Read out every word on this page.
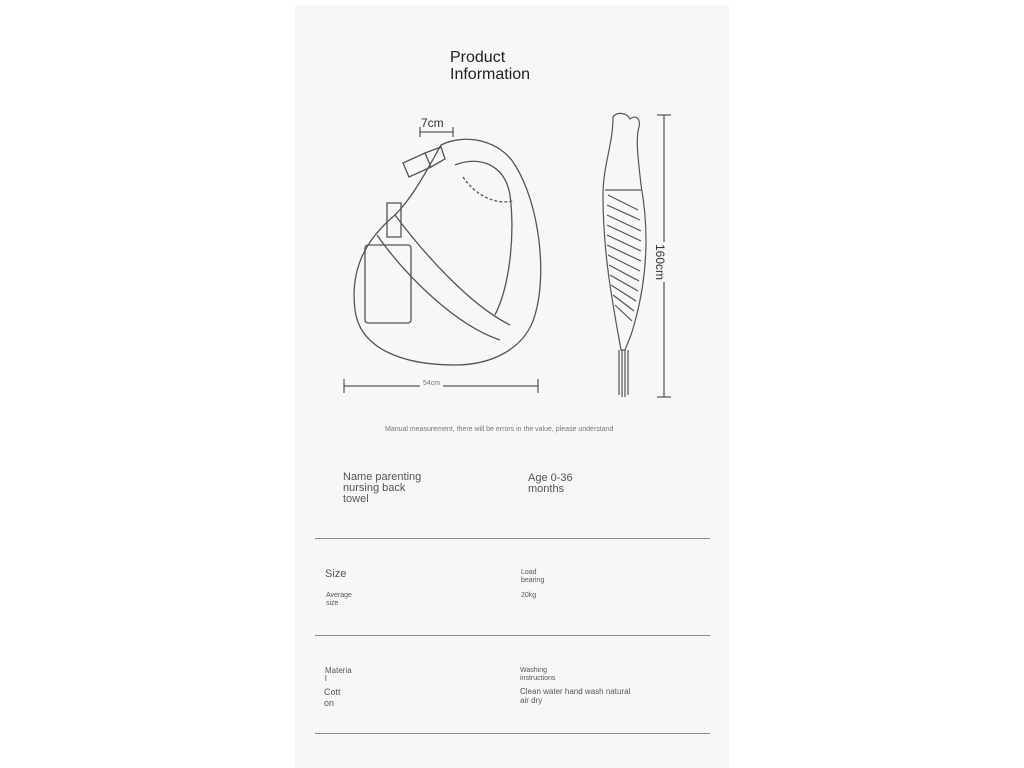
Product Information
7cm
54cm
160cm
Manual measurement, there will be errors in the value, please understand
Name parenting nursing back towel
Age 0-36 months
Size
Average size
Load bearing
20kg
Materia l
Cott on
Washing instructions
Clean water hand wash natural air dry
